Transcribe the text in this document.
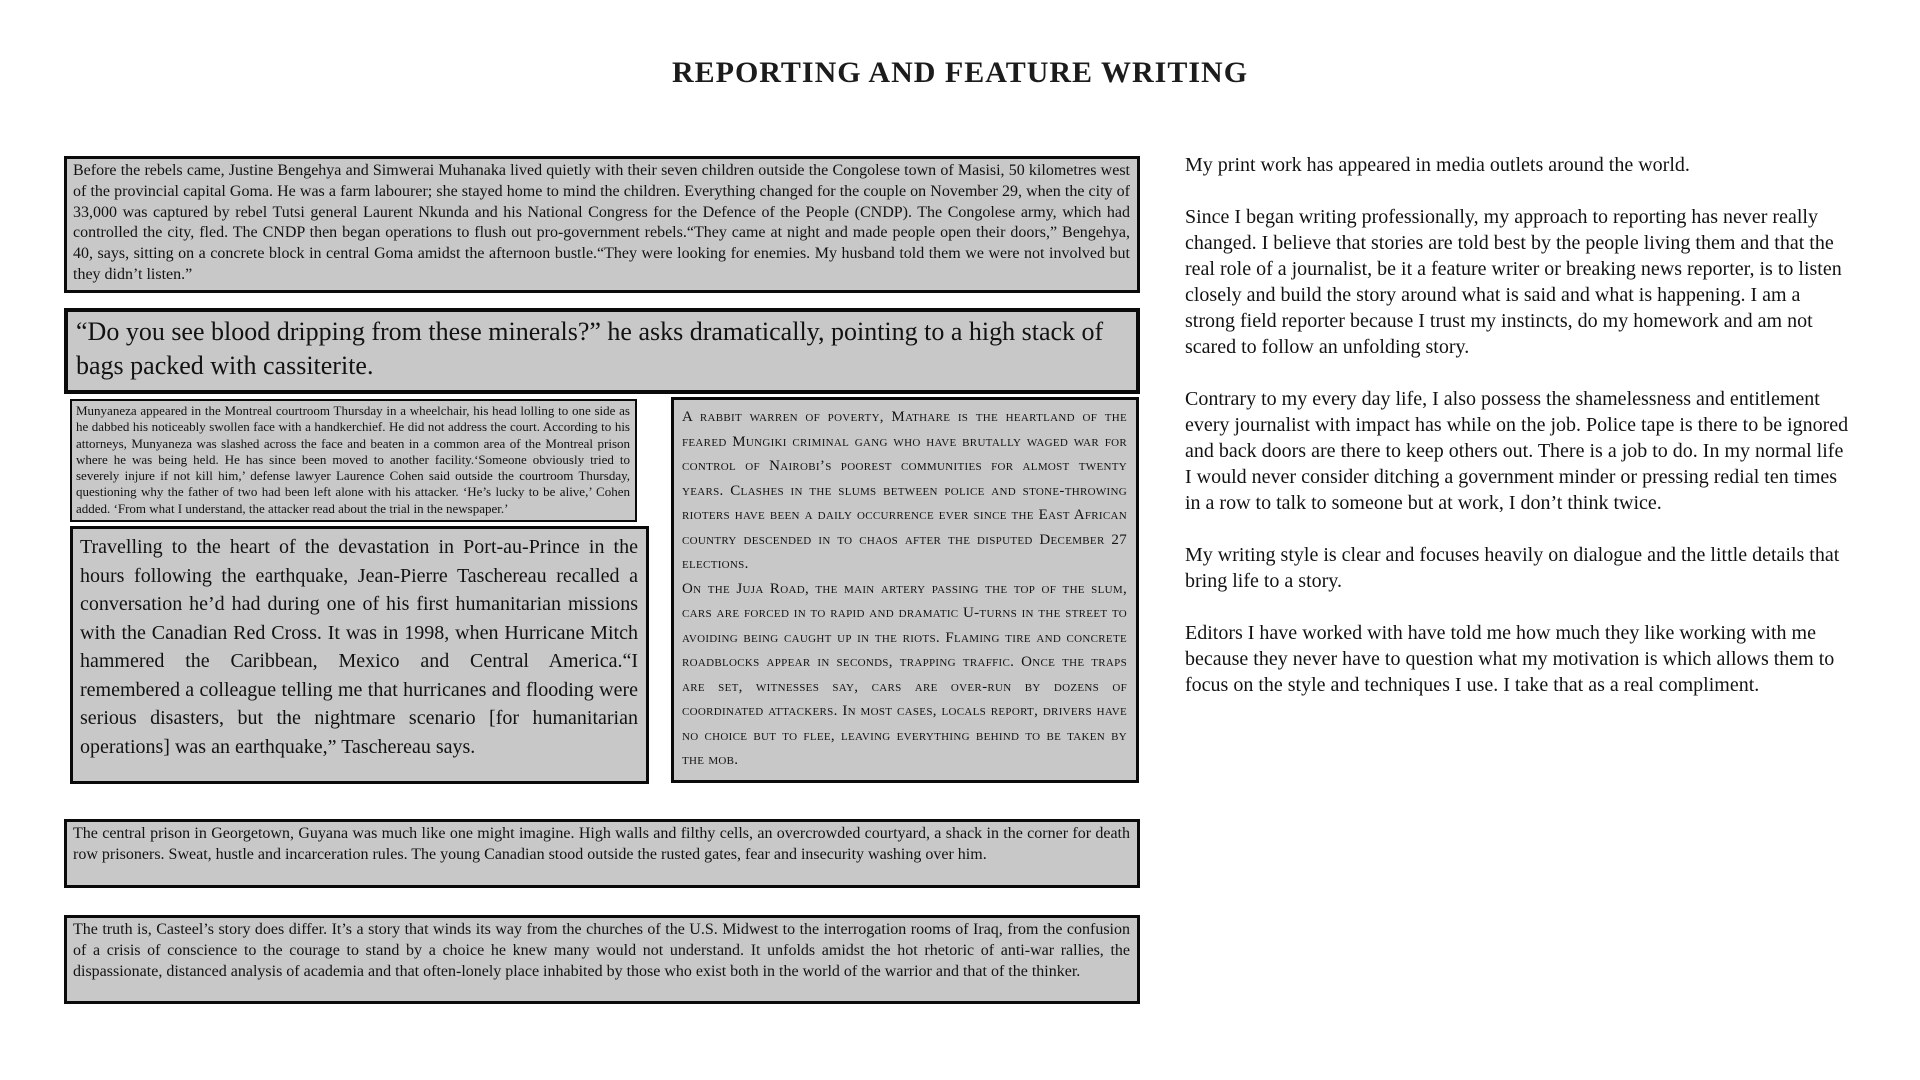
REPORTING AND FEATURE WRITING

Before the rebels came, Justine Bengehya and Simwerai Muhanaka lived quietly with their seven children outside the Congolese town of Masisi, 50 kilometres west of the provincial capital Goma. He was a farm labourer; she stayed home to mind the children. Everything changed for the couple on November 29, when the city of 33,000 was captured by rebel Tutsi general Laurent Nkunda and his National Congress for the Defence of the People (CNDP). The Congolese army, which had controlled the city, fled. The CNDP then began operations to flush out pro-government rebels.“They came at night and made people open their doors,” Bengehya, 40, says, sitting on a concrete block in central Goma amidst the afternoon bustle.“They were looking for enemies. My husband told them we were not involved but they didn’t listen.”

“Do you see blood dripping from these minerals?” he asks dramatically, pointing to a high stack of bags packed with cassiterite.

Munyaneza appeared in the Montreal courtroom Thursday in a wheelchair, his head lolling to one side as he dabbed his noticeably swollen face with a handkerchief. He did not address the court. According to his attorneys, Munyaneza was slashed across the face and beaten in a common area of the Montreal prison where he was being held. He has since been moved to another facility.‘Someone obviously tried to severely injure if not kill him,’ defense lawyer Laurence Cohen said outside the courtroom Thursday, questioning why the father of two had been left alone with his attacker. ‘He’s lucky to be alive,’ Cohen added. ‘From what I understand, the attacker read about the trial in the newspaper.’

A rabbit warren of poverty, Mathare is the heartland of the feared Mungiki criminal gang who have brutally waged war for control of Nairobi’s poorest communities for almost twenty years. Clashes in the slums between police and stone-throwing rioters have been a daily occurrence ever since the East African country descended in to chaos after the disputed December 27 elections.

On the Juja Road, the main artery passing the top of the slum, cars are forced in to rapid and dramatic U-turns in the street to avoiding being caught up in the riots. Flaming tire and concrete roadblocks appear in seconds, trapping traffic. Once the traps are set, witnesses say, cars are over-run by dozens of coordinated attackers. In most cases, locals report, drivers have no choice but to flee, leaving everything behind to be taken by the mob.

Travelling to the heart of the devastation in Port-au-Prince in the hours following the earthquake, Jean-Pierre Taschereau recalled a conversation he’d had during one of his first humanitarian missions with the Canadian Red Cross. It was in 1998, when Hurricane Mitch hammered the Caribbean, Mexico and Central America.“I remembered a colleague telling me that hurricanes and flooding were serious disasters, but the nightmare scenario [for humanitarian operations] was an earthquake,” Taschereau says.

The central prison in Georgetown, Guyana was much like one might imagine. High walls and filthy cells, an overcrowded courtyard, a shack in the corner for death row prisoners. Sweat, hustle and incarceration rules. The young Canadian stood outside the rusted gates, fear and insecurity washing over him.

The truth is, Casteel’s story does differ. It’s a story that winds its way from the churches of the U.S. Midwest to the interrogation rooms of Iraq, from the confusion of a crisis of conscience to the courage to stand by a choice he knew many would not understand. It unfolds amidst the hot rhetoric of anti-war rallies, the dispassionate, distanced analysis of academia and that often-lonely place inhabited by those who exist both in the world of the warrior and that of the thinker.

My print work has appeared in media outlets around the world.

Since I began writing professionally, my approach to reporting has never really changed. I believe that stories are told best by the people living them and that the real role of a journalist, be it a feature writer or breaking news reporter, is to listen closely and build the story around what is said and what is happening. I am a strong field reporter because I trust my instincts, do my homework and am not scared to follow an unfolding story.

Contrary to my every day life, I also possess the shamelessness and entitlement every journalist with impact has while on the job. Police tape is there to be ignored and back doors are there to keep others out. There is a job to do. In my normal life I would never consider ditching a government minder or pressing redial ten times in a row to talk to someone but at work, I don’t think twice.

My writing style is clear and focuses heavily on dialogue and the little details that bring life to a story.

Editors I have worked with have told me how much they like working with me because they never have to question what my motivation is which allows them to focus on the style and techniques I use. I take that as a real compliment.
